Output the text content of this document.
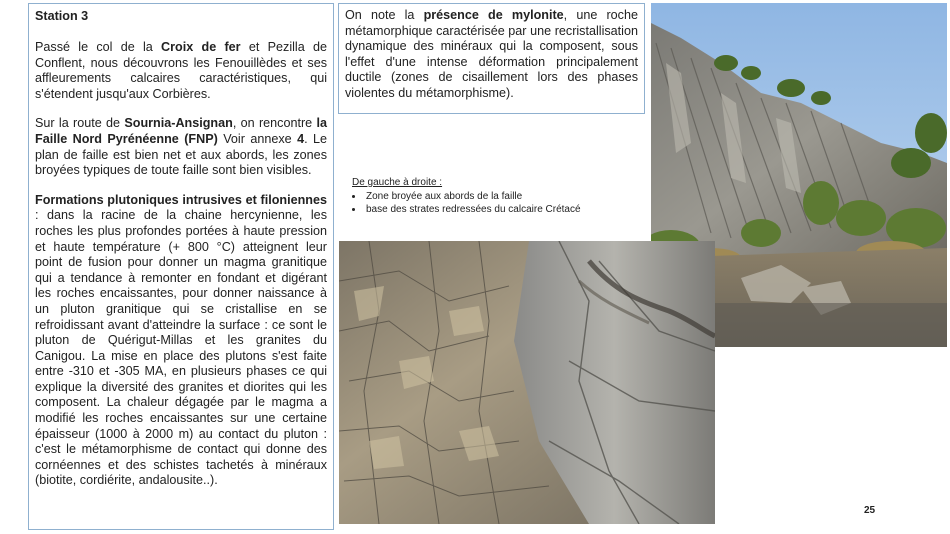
Station 3

Passé le col de la Croix de fer et Pezilla de Conflent, nous découvrons les Fenouillèdes et ses affleurements calcaires caractéristiques, qui s'étendent jusqu'aux Corbières.

Sur la route de Sournia-Ansignan, on rencontre la Faille Nord Pyrénéenne (FNP) Voir annexe 4. Le plan de faille est bien net et aux abords, les zones broyées typiques de toute faille sont bien visibles.

Formations plutoniques intrusives et filoniennes : dans la racine de la chaine hercynienne, les roches les plus profondes portées à haute pression et haute température (+ 800 °C) atteignent leur point de fusion pour donner un magma granitique qui a tendance à remonter en fondant et digérant les roches encaissantes, pour donner naissance à un pluton granitique qui se cristallise en se refroidissant avant d'atteindre la surface : ce sont le pluton de Quérigut-Millas et les granites du Canigou. La mise en place des plutons s'est faite entre -310 et -305 MA, en plusieurs phases ce qui explique la diversité des granites et diorites qui les composent. La chaleur dégagée par le magma a modifié les roches encaissantes sur une certaine épaisseur (1000 à 2000 m) au contact du pluton : c'est le métamorphisme de contact qui donne des cornéennes et des schistes tachetés à minéraux (biotite, cordiérite, andalousite..).

On note la présence de mylonite, une roche métamorphique caractérisée par une recristallisation dynamique des minéraux qui la composent, sous l'effet d'une intense déformation principalement ductile (zones de cisaillement lors des phases violentes du métamorphisme).

De gauche à droite :

• Zone broyée aux abords de la faille
• base des strates redressées du calcaire Crétacé
25
